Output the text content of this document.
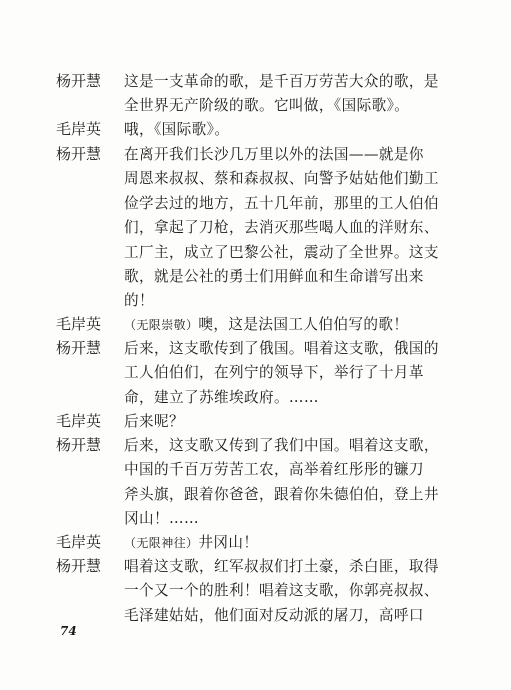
杨开慧	这是一支革命的歌，是千百万劳苦大众的歌，是
全世界无产阶级的歌。它叫做，《国际歌》。
毛岸英	哦，《国际歌》。
杨开慧	在离开我们长沙几万里以外的法国——就是你
周恩来叔叔、蔡和森叔叔、向警予姑姑他们勤工
俭学去过的地方，五十几年前，那里的工人伯伯
们，拿起了刀枪，去消灭那些喝人血的洋财东、
工厂主，成立了巴黎公社，震动了全世界。这支
歌，就是公社的勇士们用鲜血和生命谱写出来
的！
毛岸英	（无限崇敬）噢，这是法国工人伯伯写的歌！
杨开慧	后来，这支歌传到了俄国。唱着这支歌，俄国的
工人伯伯们，在列宁的领导下，举行了十月革
命，建立了苏维埃政府。……
毛岸英	后来呢？
杨开慧	后来，这支歌又传到了我们中国。唱着这支歌，
中国的千百万劳苦工农，高举着红彤彤的镰刀
斧头旗，跟着你爸爸，跟着你朱德伯伯，登上井
冈山！……
毛岸英	（无限神往）井冈山！
杨开慧	唱着这支歌，红军叔叔们打土豪，杀白匪，取得
一个又一个的胜利！唱着这支歌，你郭亮叔叔、
毛泽建姑姑，他们面对反动派的屠刀，高呼口
74
